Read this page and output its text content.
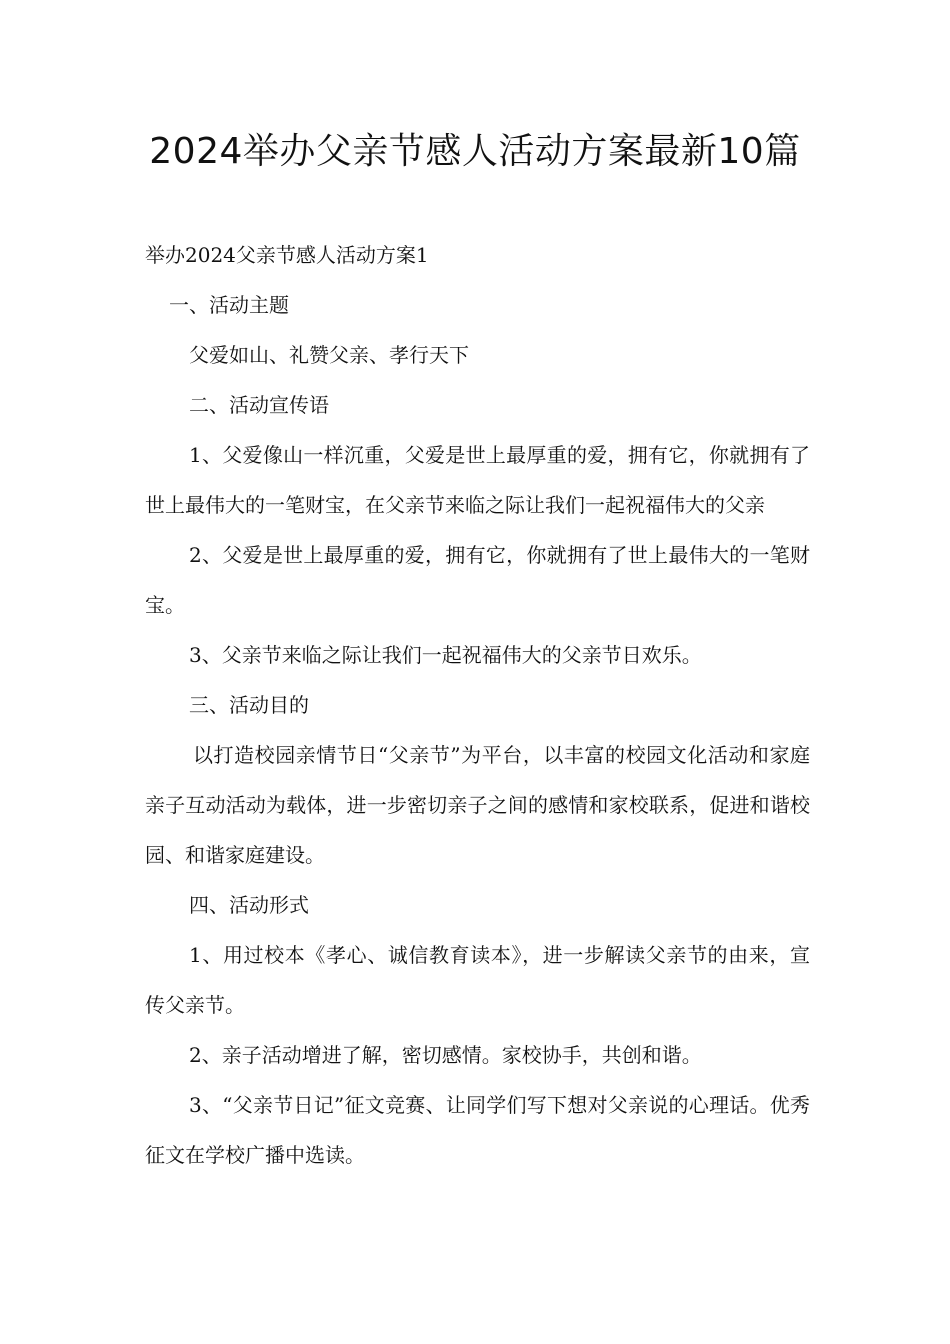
2024举办父亲节感人活动方案最新10篇

举办2024父亲节感人活动方案1

一、活动主题

父爱如山、礼赞父亲、孝行天下

二、活动宣传语

1、父爱像山一样沉重，父爱是世上最厚重的爱，拥有它，你就拥有了世上最伟大的一笔财宝，在父亲节来临之际让我们一起祝福伟大的父亲

2、父爱是世上最厚重的爱，拥有它，你就拥有了世上最伟大的一笔财宝。

3、父亲节来临之际让我们一起祝福伟大的父亲节日欢乐。

三、活动目的

以打造校园亲情节日“父亲节”为平台，以丰富的校园文化活动和家庭亲子互动活动为载体，进一步密切亲子之间的感情和家校联系，促进和谐校园、和谐家庭建设。

四、活动形式

1、用过校本《孝心、诚信教育读本》，进一步解读父亲节的由来，宣传父亲节。

2、亲子活动增进了解，密切感情。家校协手，共创和谐。

3、“父亲节日记”征文竞赛、让同学们写下想对父亲说的心理话。优秀征文在学校广播中选读。
